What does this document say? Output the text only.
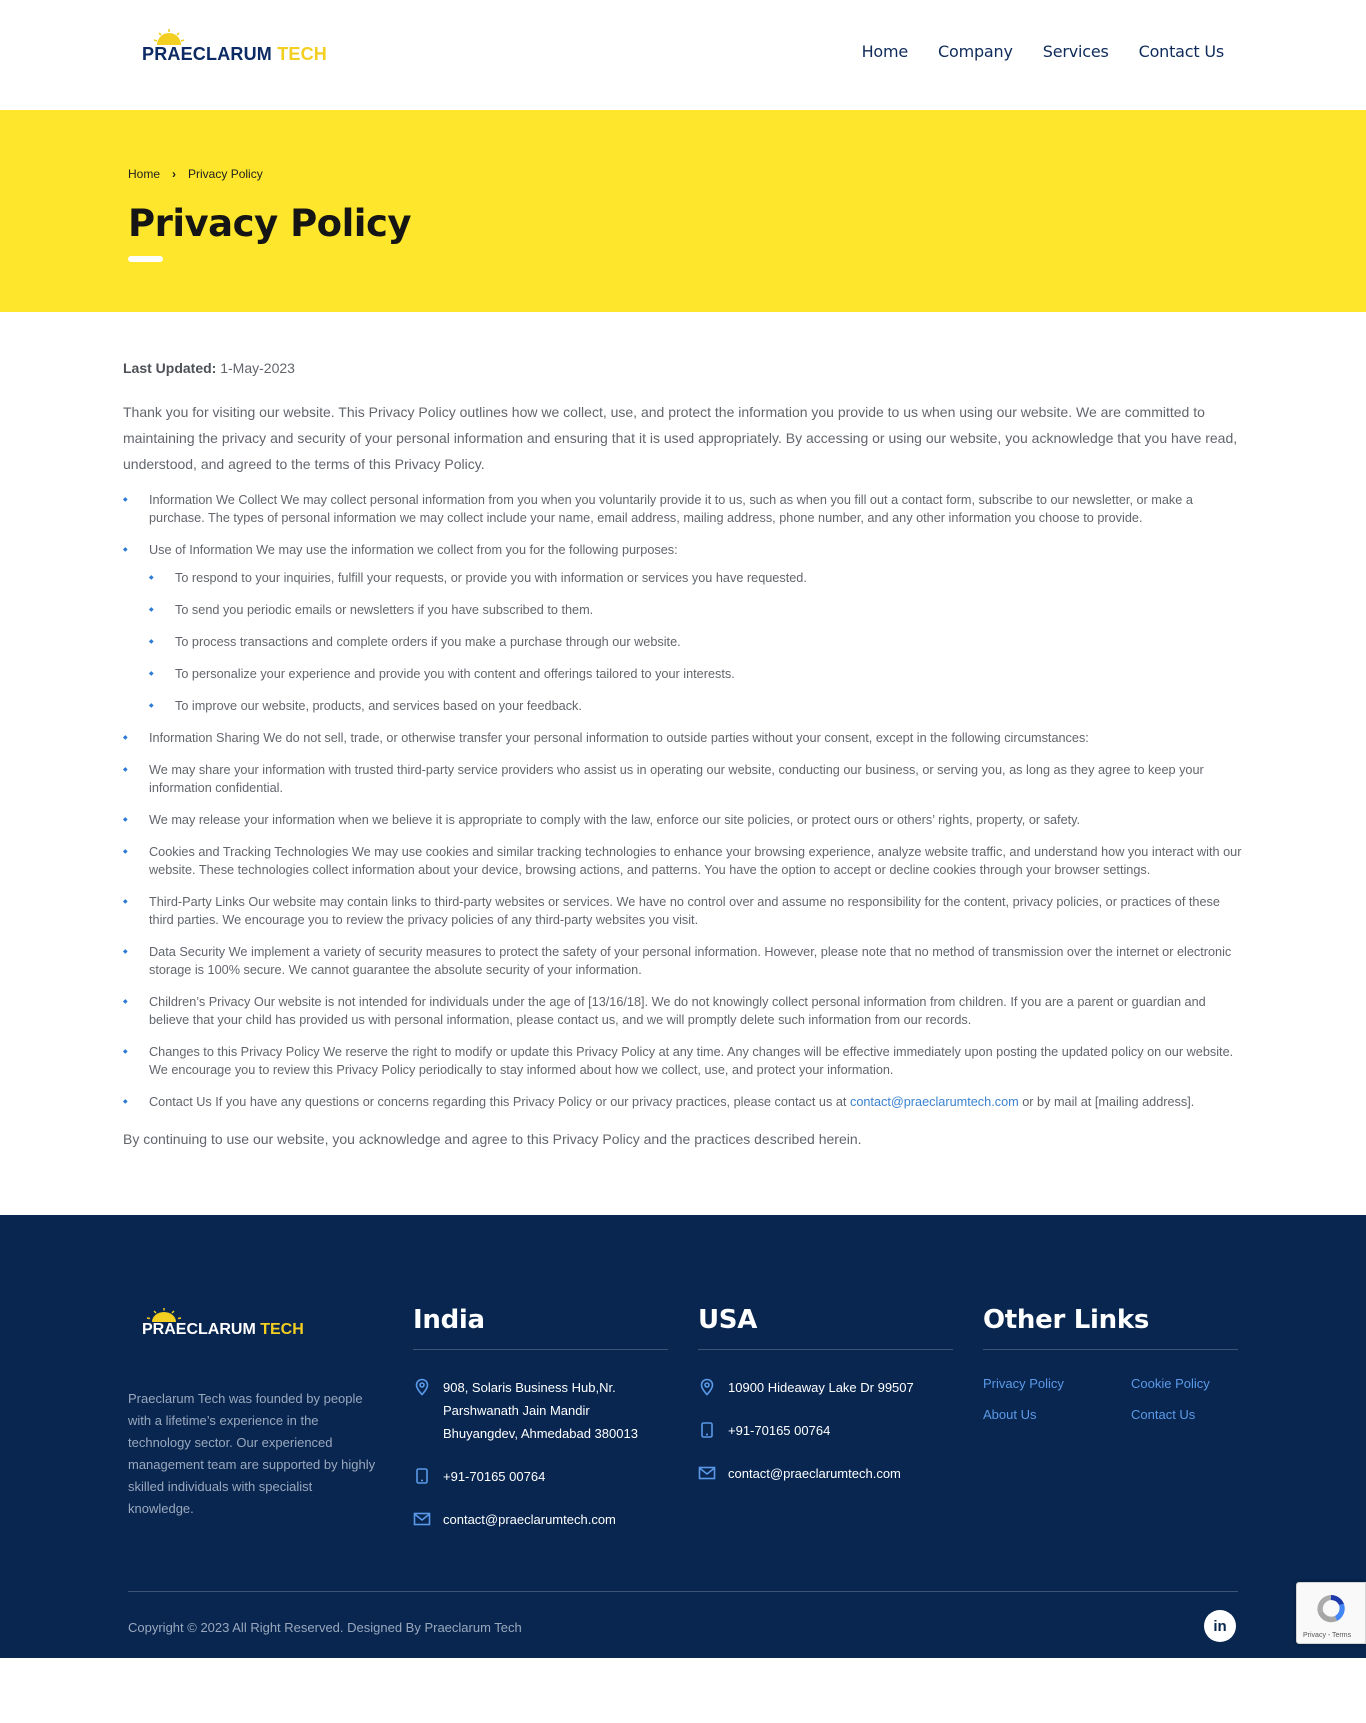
PRAECLARUM TECH	Home Company Services Contact Us
Home › Privacy Policy
Privacy Policy

Last Updated: 1-May-2023

Thank you for visiting our website. This Privacy Policy outlines how we collect, use, and protect the information you provide to us when using our website. We are committed to maintaining the privacy and security of your personal information and ensuring that it is used appropriately. By accessing or using our website, you acknowledge that you have read, understood, and agreed to the terms of this Privacy Policy.

◆ Information We Collect We may collect personal information from you when you voluntarily provide it to us, such as when you fill out a contact form, subscribe to our newsletter, or make a purchase. The types of personal information we may collect include your name, email address, mailing address, phone number, and any other information you choose to provide.
◆ Use of Information We may use the information we collect from you for the following purposes:
◆ To respond to your inquiries, fulfill your requests, or provide you with information or services you have requested.
◆ To send you periodic emails or newsletters if you have subscribed to them.
◆ To process transactions and complete orders if you make a purchase through our website.
◆ To personalize your experience and provide you with content and offerings tailored to your interests.
◆ To improve our website, products, and services based on your feedback.
◆ Information Sharing We do not sell, trade, or otherwise transfer your personal information to outside parties without your consent, except in the following circumstances:
◆ We may share your information with trusted third-party service providers who assist us in operating our website, conducting our business, or serving you, as long as they agree to keep your information confidential.
◆ We may release your information when we believe it is appropriate to comply with the law, enforce our site policies, or protect ours or others’ rights, property, or safety.
◆ Cookies and Tracking Technologies We may use cookies and similar tracking technologies to enhance your browsing experience, analyze website traffic, and understand how you interact with our website. These technologies collect information about your device, browsing actions, and patterns. You have the option to accept or decline cookies through your browser settings.
◆ Third-Party Links Our website may contain links to third-party websites or services. We have no control over and assume no responsibility for the content, privacy policies, or practices of these third parties. We encourage you to review the privacy policies of any third-party websites you visit.
◆ Data Security We implement a variety of security measures to protect the safety of your personal information. However, please note that no method of transmission over the internet or electronic storage is 100% secure. We cannot guarantee the absolute security of your information.
◆ Children’s Privacy Our website is not intended for individuals under the age of [13/16/18]. We do not knowingly collect personal information from children. If you are a parent or guardian and believe that your child has provided us with personal information, please contact us, and we will promptly delete such information from our records.
◆ Changes to this Privacy Policy We reserve the right to modify or update this Privacy Policy at any time. Any changes will be effective immediately upon posting the updated policy on our website. We encourage you to review this Privacy Policy periodically to stay informed about how we collect, use, and protect your information.
◆ Contact Us If you have any questions or concerns regarding this Privacy Policy or our privacy practices, please contact us at contact@praeclarumtech.com or by mail at [mailing address].

By continuing to use our website, you acknowledge and agree to this Privacy Policy and the practices described herein.

PRAECLARUM TECH

Praeclarum Tech was founded by people with a lifetime’s experience in the technology sector. Our experienced management team are supported by highly skilled individuals with specialist knowledge.

India
908, Solaris Business Hub,Nr.
Parshwanath Jain Mandir
Bhuyangdev, Ahmedabad 380013
+91-70165 00764
contact@praeclarumtech.com
USA
10900 Hideaway Lake Dr 99507
+91-70165 00764
contact@praeclarumtech.com
Other Links
Privacy Policy	Cookie Policy
About Us	Contact Us

Copyright © 2023 All Right Reserved. Designed By Praeclarum Tech	in
Privacy - Terms
